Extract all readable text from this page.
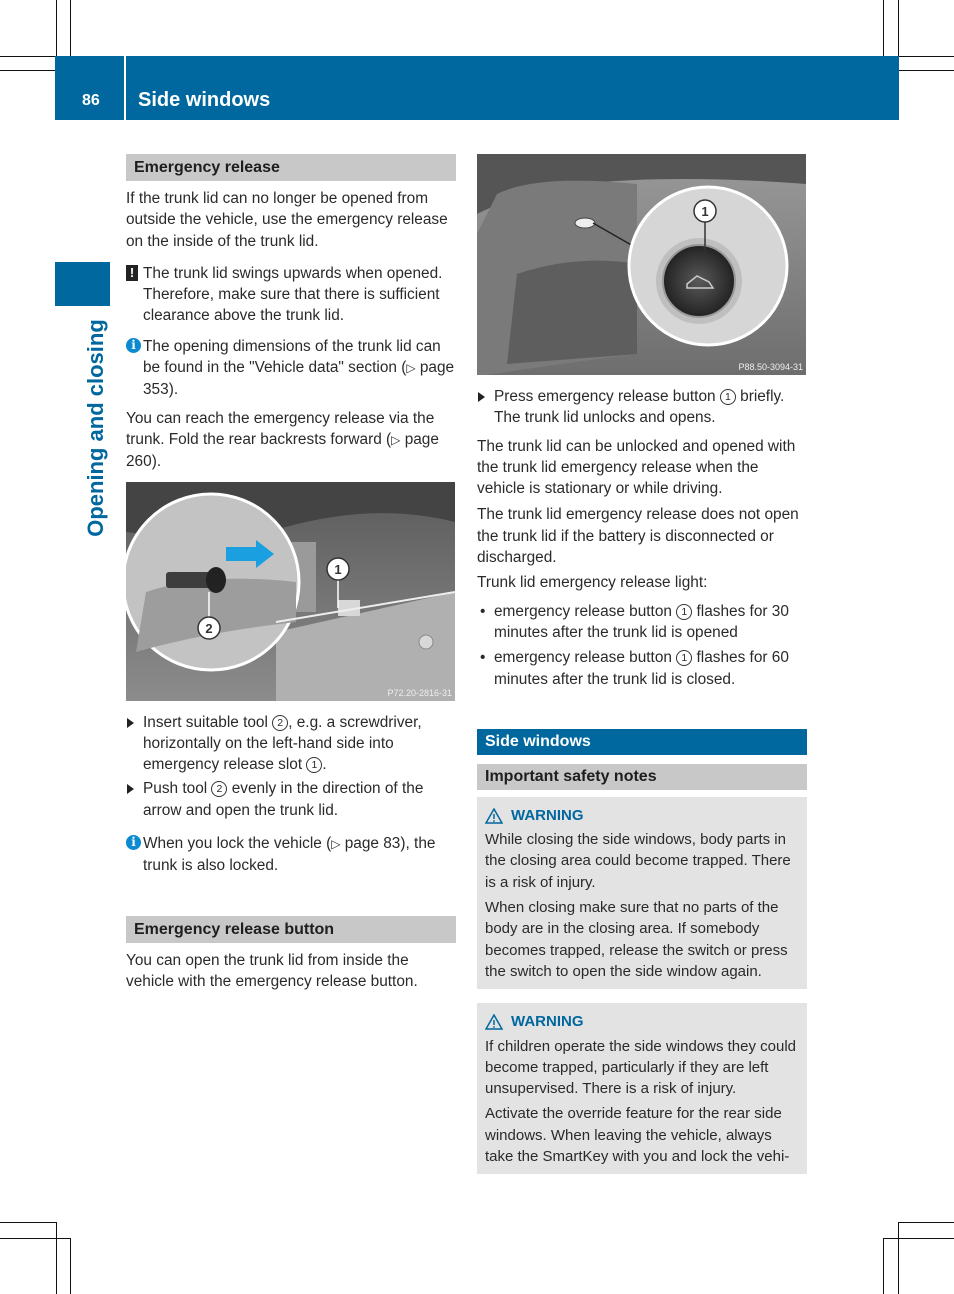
86 Side windows
Opening and closing
Emergency release

If the trunk lid can no longer be opened from outside the vehicle, use the emergency release on the inside of the trunk lid.

! The trunk lid swings upwards when opened. Therefore, make sure that there is sufficient clearance above the trunk lid.
i The opening dimensions of the trunk lid can be found in the "Vehicle data" section (▷ page 353).

You can reach the emergency release via the trunk. Fold the rear backrests forward (▷ page 260).

1
2
P72.20-2816-31
Insert suitable tool 2 , e.g. a screwdriver, horizontally on the left-hand side into emergency release slot 1 .
Push tool 2 evenly in the direction of the arrow and open the trunk lid.
i When you lock the vehicle (▷ page 83), the trunk is also locked.
Emergency release button

You can open the trunk lid from inside the vehicle with the emergency release button.

1
P88.50-3094-31
Press emergency release button 1 briefly.
The trunk lid unlocks and opens.

The trunk lid can be unlocked and opened with the trunk lid emergency release when the vehicle is stationary or while driving.

The trunk lid emergency release does not open the trunk lid if the battery is disconnected or discharged.

Trunk lid emergency release light:

• emergency release button 1 flashes for 30 minutes after the trunk lid is opened
• emergency release button 1 flashes for 60 minutes after the trunk lid is closed.
Side windows
Important safety notes
WARNING

While closing the side windows, body parts in the closing area could become trapped. There is a risk of injury.

When closing make sure that no parts of the body are in the closing area. If somebody becomes trapped, release the switch or press the switch to open the side window again.

WARNING

If children operate the side windows they could become trapped, particularly if they are left unsupervised. There is a risk of injury.

Activate the override feature for the rear side windows. When leaving the vehicle, always take the SmartKey with you and lock the vehi-
